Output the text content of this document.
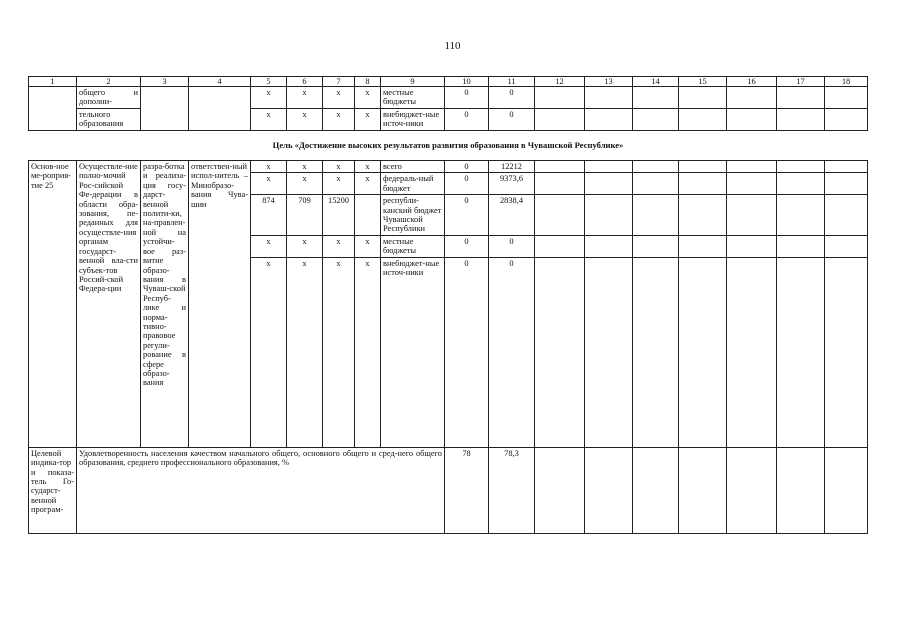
110
1	2	3	4	5	6	7	8	9	10	11	12	13	14	15	16	17	18
	общего и дополни-			х	х	х	х	местные бюджеты	0	0							
	тельного образования			х	х	х	х	внебюджет-ные источ-ники	0	0							
Цель «Достижение высоких результатов развития образования в Чувашской Республике»																	
Основ-ное ме-роприя-тие 25	Осуществле-ние полно-мочий Рос-сийской Фе-дерации в области обра-зования, пе-реданных для осуществле-ния органам государст-венной вла-сти субъек-тов Россий-ской Федера-ции	разра-ботка и реализа-ция госу-дарст-венной полити-ки, на-правлен-ной на устойчи-вое раз-витие образо-вания в Чуваш-ской Респуб-лике и норма-тивно-правовое регули-рование в сфере образо-вания	ответствен-ный испол-нитель – Минобразо-вания Чува-шии	х	х	х	х	всего	0	12212							
				х	х	х	х	федераль-ный бюджет	0	9373,6							
				874	709	15200		республи-канский бюджет Чувашской Республики	0	2838,4							
				х	х	х	х	местные бюджеты	0	0							
				х	х	х	х	внебюджет-ные источ-ники	0	0							
Целевой индика-тор и показа-тель Го-сударст-венной програм-	Удовлетворенность населения качеством начального общего, основного общего и сред-него общего образования, среднего профессионального образования, %								78	78,3							
